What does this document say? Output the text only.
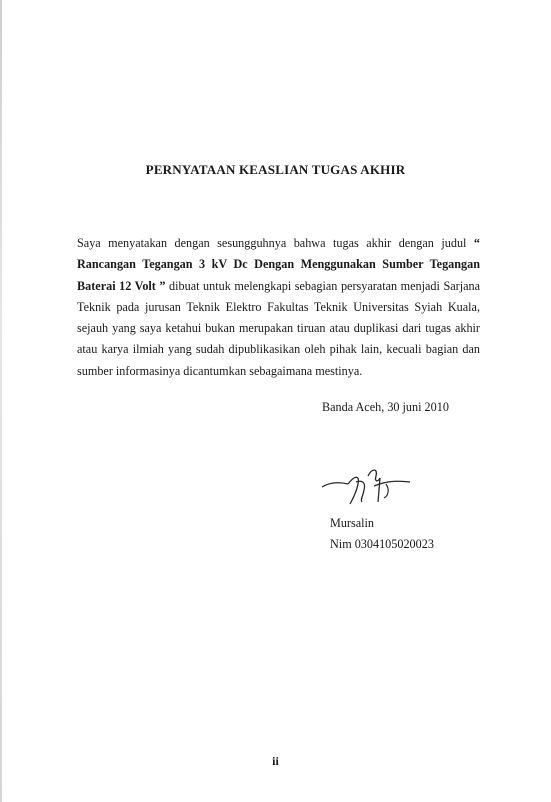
PERNYATAAN KEASLIAN TUGAS AKHIR
Saya menyatakan dengan sesungguhnya bahwa tugas akhir dengan judul “ Rancangan Tegangan 3 kV Dc Dengan Menggunakan Sumber Tegangan Baterai 12 Volt ” dibuat untuk melengkapi sebagian persyaratan menjadi Sarjana Teknik pada jurusan Teknik Elektro Fakultas Teknik Universitas Syiah Kuala, sejauh yang saya ketahui bukan merupakan tiruan atau duplikasi dari tugas akhir atau karya ilmiah yang sudah dipublikasikan oleh pihak lain, kecuali bagian dan sumber informasinya dicantumkan sebagaimana mestinya.
Banda Aceh, 30 juni 2010
Mursalin
Nim 0304105020023
ii
